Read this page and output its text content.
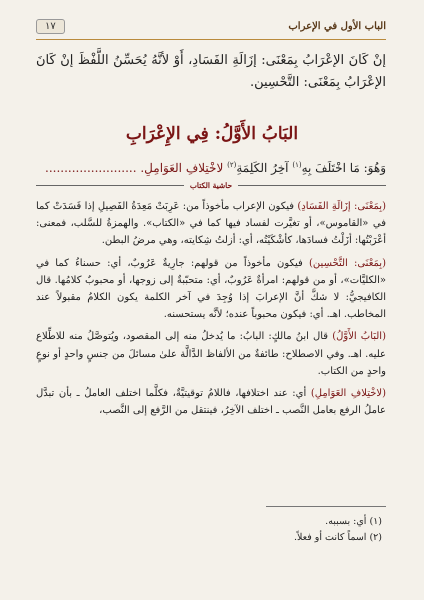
الباب الأول في الإعراب
١٧

إنْ كَانَ الإعْرَابُ بِمَعْنَى: إزَالَةِ الفَسَادِ، أَوْ لأنَّهُ يُحَسِّنُ اللَّفْظَ إنْ كَانَ الإعْرَابُ بِمَعْنَى: التَّحْسِين.

البَابُ الأَوَّلُ: فِي الإِعْرَابِ
وَهُوَ: مَا اخْتَلَفَ بِهِ$^{(١)}$ آخِرُ الكَلِمَةِ$^{(٢)}$ لاخْتِلافِ العَوَامِلِ. ........................
حاشية الكتاب

(بِمَعْنَى: إزَالَةِ الفَسَادِ) فيكون الإعراب مأخوذاً من: عَرِبَتْ مَعِدَةُ الفَصِيلِ إذا فَسَدَتْ كما في «القاموس»، أو تغيَّرت لفساد فيها كما في «الكتاب». والهمزةُ للسَّلب، فمعنى: أعْرَبْتُها: أزَلْتُ فسادَها، كأشْكَيْتُه، أي: أزلتُ شِكايته، وهي مرضُ البطن.

(بِمَعْنَى: التَّحْسِين) فيكون مأخوذاً من قولهم: جارِيةٌ عَرُوبٌ، أي: حسناءُ كما في «الكليَّات»، أو من قولهم: امرأةٌ عَرُوبٌ، أي: متحبّبةٌ إلى زوجها، أو محبوبٌ كلامُها. قال الكافيجيُّ: لا شكَّ أنَّ الإعرابَ إذا وُجِدَ في آخر الكلمة يكون الكلامُ مقبولاً عند المخاطب. اهـ. أي: فيكون محبوباً عنده؛ لأنَّه يستحسنه.

(البَابُ الأَوَّلُ) قال ابنُ مالكٍ: البابُ: ما يُدخلُ منه إلى المقصود، ويُتوصَّلُ منه للاطِّلاع عليه. اهـ. وفي الاصطلاح: طائفةٌ من الألفاظ الدَّالَّة علىٰ مسائلَ من جنسٍ واحدٍ أو نوعٍ واحدٍ من الكتاب.

(لاخْتِلافِ العَوَامِلِ) أي: عند اختلافها، فاللامُ توقيتيَّةٌ، فكلَّما اختلف العاملُ ـ بأن تبدَّل عاملُ الرفع بعامل النَّصب ـ اختلف الآخِرُ، فينتقل من الرَّفع إلى النَّصب،

(١) أي: بسببه.
(٢) اسماً كانت أو فعلاً.
